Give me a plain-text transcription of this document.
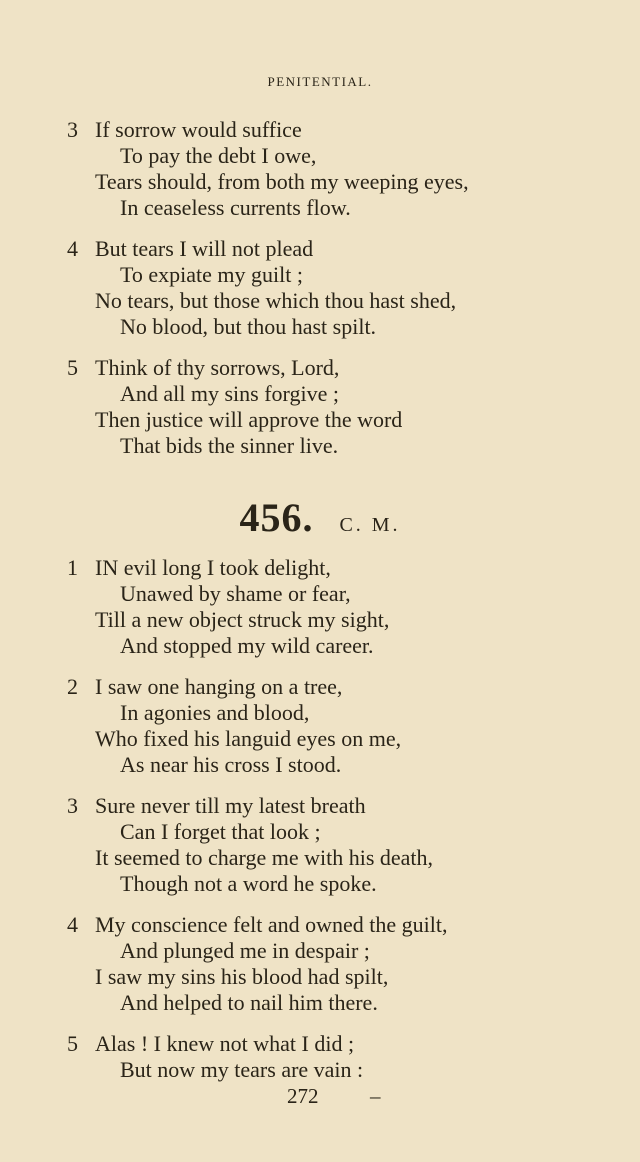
PENITENTIAL.
3 If sorrow would suffice
To pay the debt I owe,
Tears should, from both my weeping eyes,
In ceaseless currents flow.
4 But tears I will not plead
To expiate my guilt ;
No tears, but those which thou hast shed,
No blood, but thou hast spilt.
5 Think of thy sorrows, Lord,
And all my sins forgive ;
Then justice will approve the word
That bids the sinner live.
456. C. M.
1 IN evil long I took delight,
Unawed by shame or fear,
Till a new object struck my sight,
And stopped my wild career.
2 I saw one hanging on a tree,
In agonies and blood,
Who fixed his languid eyes on me,
As near his cross I stood.
3 Sure never till my latest breath
Can I forget that look ;
It seemed to charge me with his death,
Though not a word he spoke.
4 My conscience felt and owned the guilt,
And plunged me in despair ;
I saw my sins his blood had spilt,
And helped to nail him there.
5 Alas ! I knew not what I did ;
But now my tears are vain :
272 –
